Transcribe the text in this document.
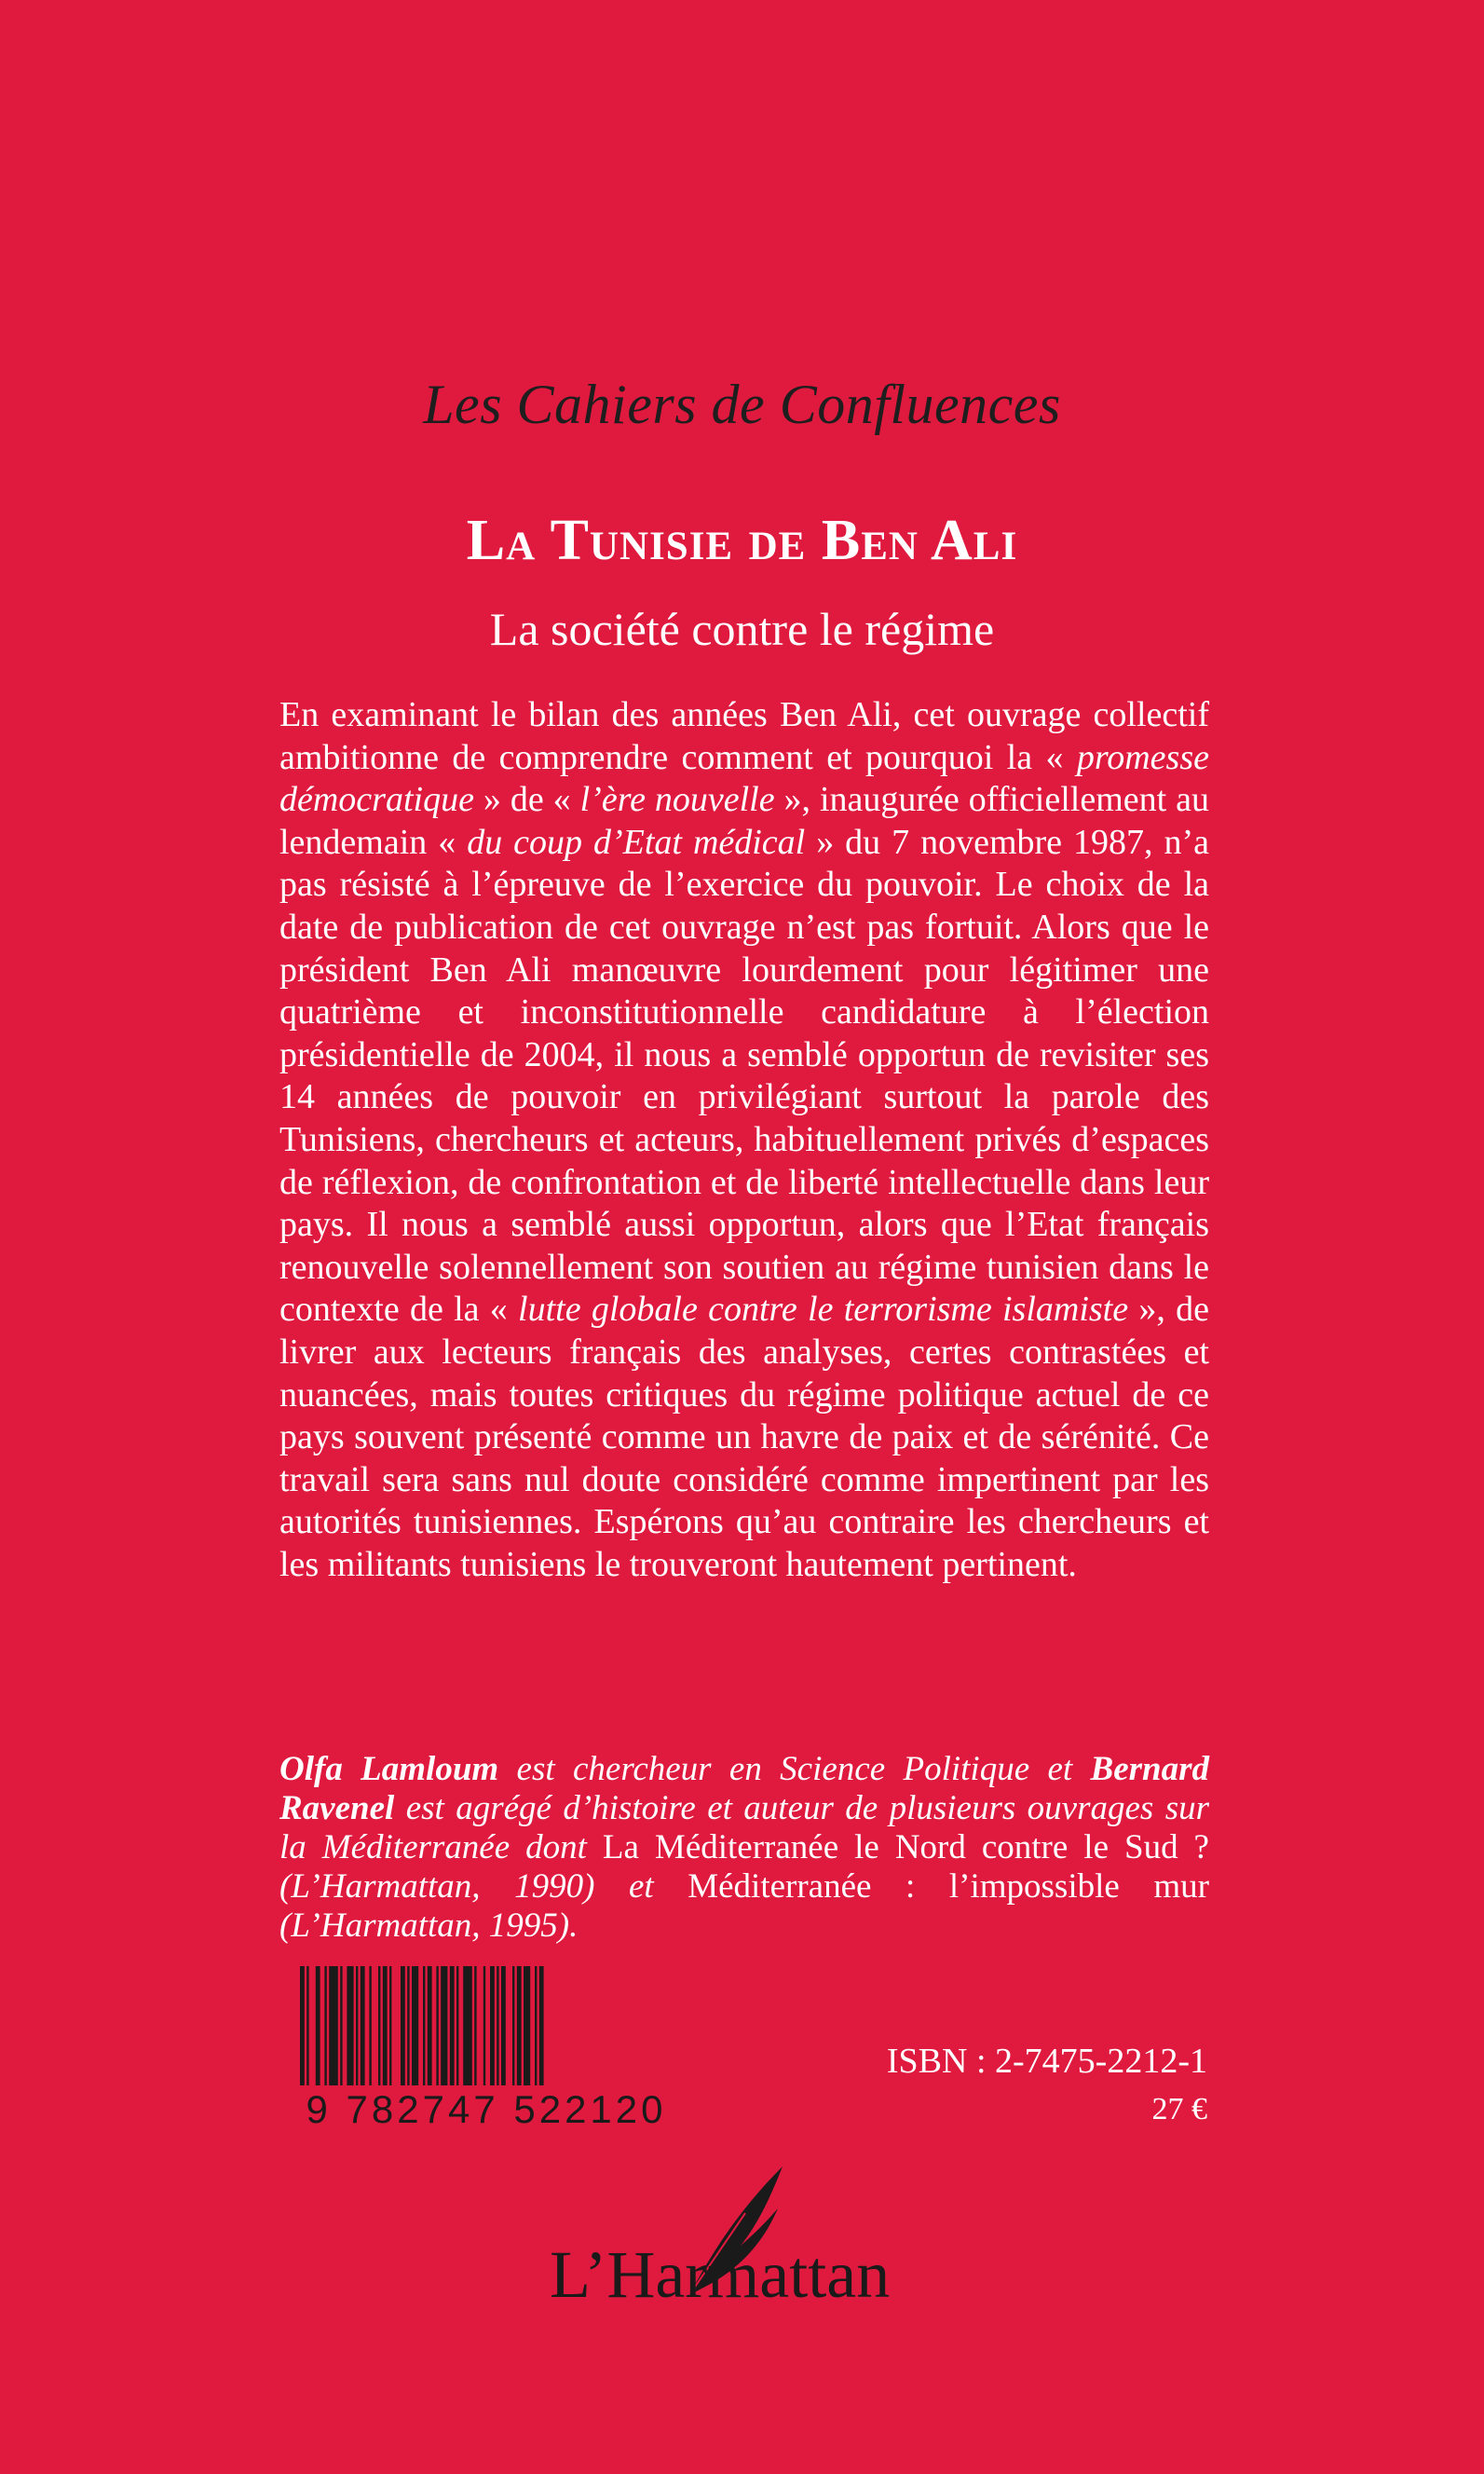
Les Cahiers de Confluences
La Tunisie de Ben Ali
La société contre le régime

En examinant le bilan des années Ben Ali, cet ouvrage collectif ambitionne de comprendre comment et pourquoi la « promesse démocratique » de « l’ère nouvelle », inaugurée officiellement au lendemain « du coup d’Etat médical » du 7 novembre 1987, n’a pas résisté à l’épreuve de l’exercice du pouvoir. Le choix de la date de publication de cet ouvrage n’est pas fortuit. Alors que le président Ben Ali manœuvre lourdement pour légitimer une quatrième et inconstitutionnelle candidature à l’élection présidentielle de 2004, il nous a semblé opportun de revisiter ses 14 années de pouvoir en privilégiant surtout la parole des Tunisiens, chercheurs et acteurs, habituellement privés d’espaces de réflexion, de confrontation et de liberté intellectuelle dans leur pays. Il nous a semblé aussi opportun, alors que l’Etat français renouvelle solennellement son soutien au régime tunisien dans le contexte de la « lutte globale contre le terrorisme islamiste », de livrer aux lecteurs français des analyses, certes contrastées et nuancées, mais toutes critiques du régime politique actuel de ce pays souvent présenté comme un havre de paix et de sérénité. Ce travail sera sans nul doute considéré comme impertinent par les autorités tunisiennes. Espérons qu’au contraire les chercheurs et les militants tunisiens le trouveront hautement pertinent.

Olfa Lamloum est chercheur en Science Politique et Bernard Ravenel est agrégé d’histoire et auteur de plusieurs ouvrages sur la Méditerranée dont La Méditerranée le Nord contre le Sud ? (L’Harmattan, 1990) et Méditerranée : l’impossible mur (L’Harmattan, 1995).

9 782747 522120
ISBN : 2-7475-2212-1
27 €
L’Harmattan
